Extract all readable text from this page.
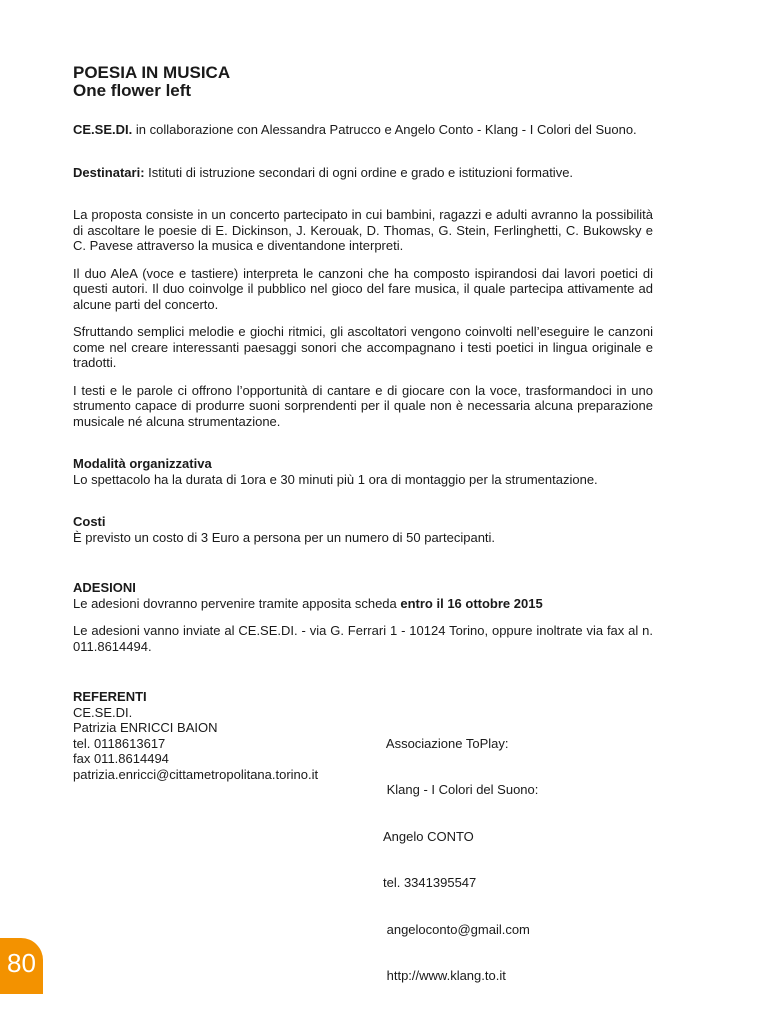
POESIA IN MUSICA
One flower left

CE.SE.DI. in collaborazione con Alessandra Patrucco e Angelo Conto - Klang - I Colori del Suono.

Destinatari: Istituti di istruzione secondari di ogni ordine e grado e istituzioni formative.

La proposta consiste in un concerto partecipato in cui bambini, ragazzi e adulti avranno la possibilità di ascoltare le poesie di E. Dickinson, J. Kerouak, D. Thomas, G. Stein, Ferlinghetti, C. Bukowsky e C. Pavese attraverso la musica e diventandone interpreti.

Il duo AleA (voce e tastiere) interpreta le canzoni che ha composto ispirandosi dai lavori poetici di questi autori. Il duo coinvolge il pubblico nel gioco del fare musica, il quale partecipa attivamente ad alcune parti del concerto.

Sfruttando semplici melodie e giochi ritmici, gli ascoltatori vengono coinvolti nell’eseguire le canzoni come nel creare interessanti paesaggi sonori che accompagnano i testi poetici in lingua originale e tradotti.

I testi e le parole ci offrono l’opportunità di cantare e di giocare con la voce, trasformandoci in uno strumento capace di produrre suoni sorprendenti per il quale non è necessaria alcuna preparazione musicale né alcuna strumentazione.

Modalità organizzativa

Lo spettacolo ha la durata di 1ora e 30 minuti più 1 ora di montaggio per la strumentazione.

Costi

È previsto un costo di 3 Euro a persona per un numero di 50 partecipanti.

ADESIONI

Le adesioni dovranno pervenire tramite apposita scheda entro il 16 ottobre 2015

Le adesioni vanno inviate al CE.SE.DI. - via G. Ferrari 1 - 10124 Torino, oppure inoltrate via fax al n. 011.8614494.

REFERENTI

CE.SE.DI.
Patrizia ENRICCI BAION
tel. 0118613617
fax 011.8614494
patrizia.enricci@cittametropolitana.torino.it

Associazione ToPlay:

Klang - I Colori del Suono:

Angelo CONTO

tel. 3341395547

angeloconto@gmail.com

http://www.klang.to.it

80
